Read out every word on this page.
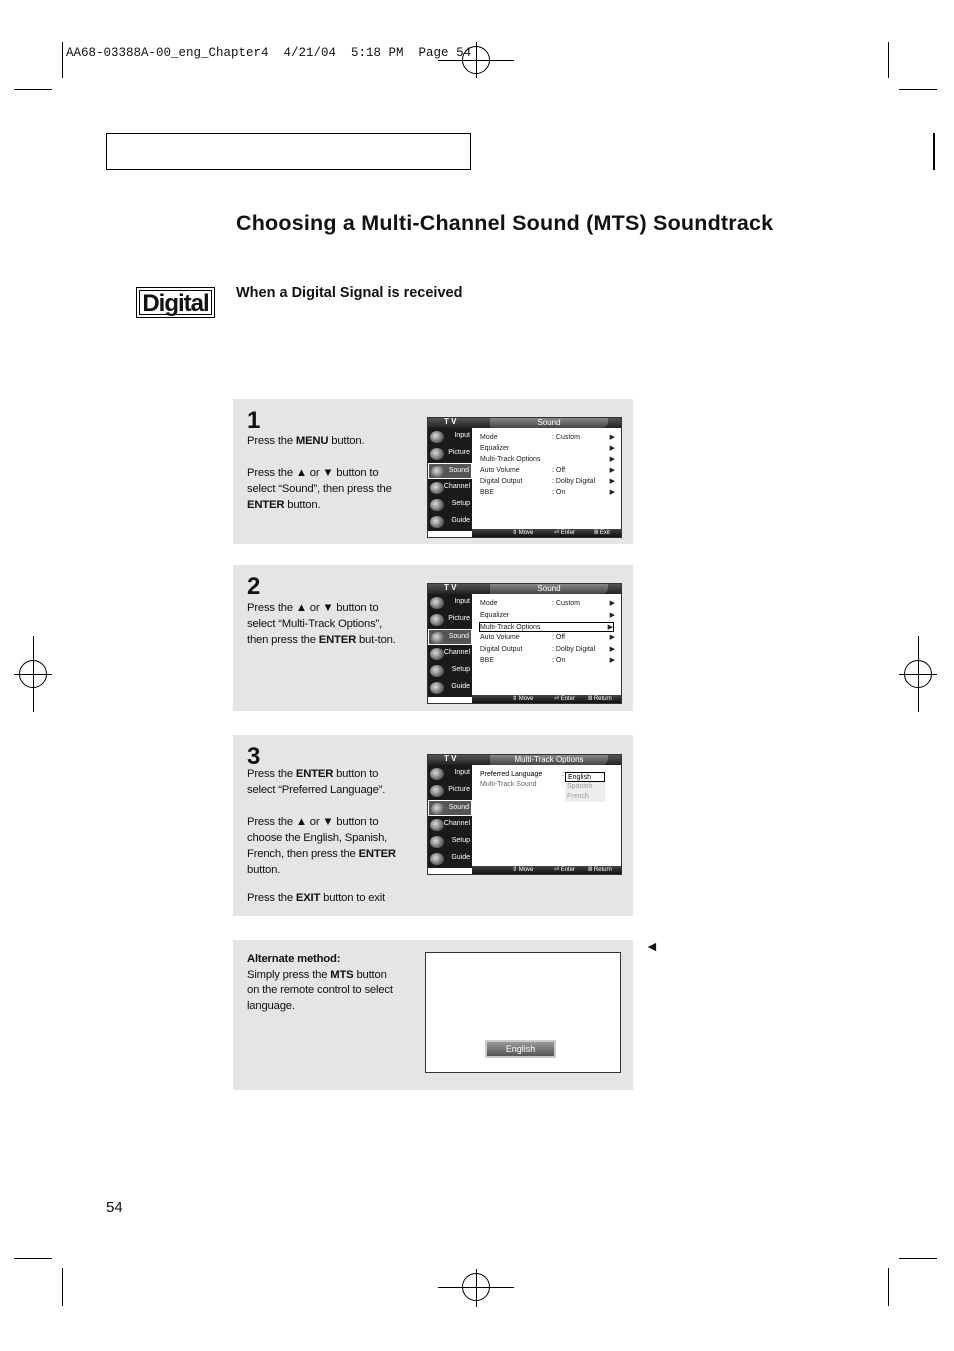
AA68-03388A-00_eng_Chapter4  4/21/04  5:18 PM  Page 54
Choosing a Multi-Channel Sound (MTS) Soundtrack
Digital When a Digital Signal is received
1

Press the MENU button.

Press the ▲ or ▼ button to select “Sound”, then press the ENTER button.

T V	Sound
Input
Picture
Sound
Channel
Setup
Guide
Mode	: Custom	▶
Equalizer	▶
Multi-Track Options	▶
Auto Volume	: Off	▶
Digital Output	: Dolby Digital ▶
BBE	: On	▶
⇕ Move	⏎ Enter	Ⅲ Exit
2

Press the ▲ or ▼ button to select “Multi-Track Options”, then press the ENTER but-ton.

T V	Sound
Input
Picture
Sound
Channel
Setup
Guide
Mode	: Custom	▶
Equalizer	▶
Multi-Track Options	▶
Auto Volume	: Off	▶
Digital Output	: Dolby Digital ▶
BBE	: On	▶
⇕ Move	⏎ Enter Ⅲ Return
3

Press the ENTER button to select “Preferred Language”.

Press the ▲ or ▼ button to choose the English, Spanish, French, then press the ENTER button.

Press the EXIT button to exit

T V	Multi-Track Options
Input
Picture
Sound
Channel
Setup
Guide
Preferred Language	:
Multi-Track Sound	:
English
Spanish
French
⇕ Move	⏎ Enter Ⅲ Return
Alternate method:
Simply press the MTS button on the remote control to select language.
English
◄
54
